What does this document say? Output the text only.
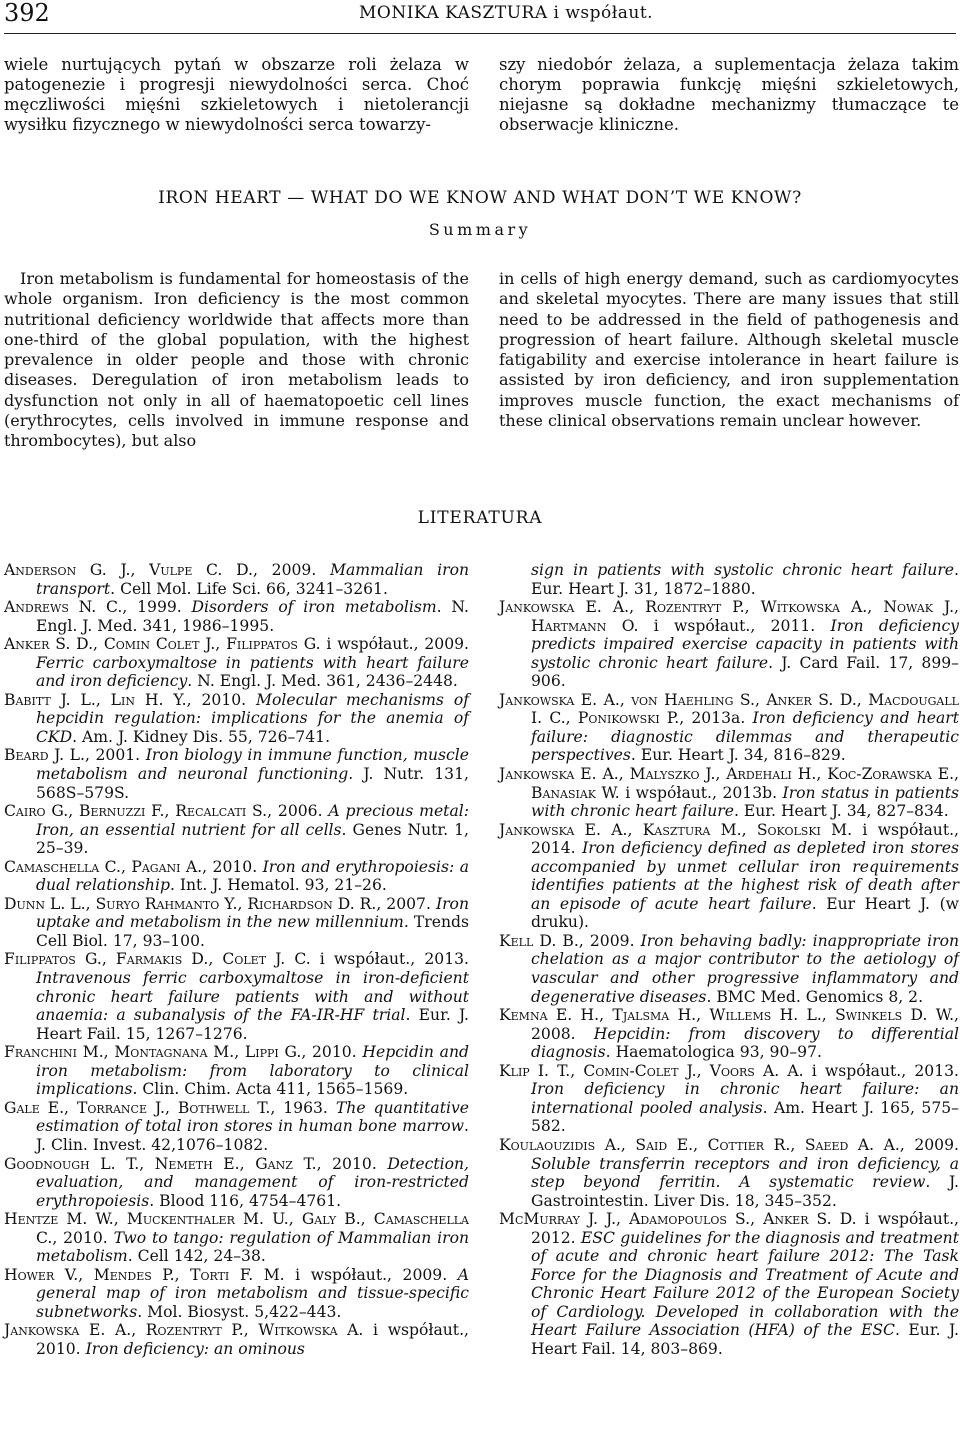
392	MONIKA KASZTURA i współaut.

wiele nurtujących pytań w obszarze roli żelaza w patogenezie i progresji niewydolności serca. Choć męczliwości mięśni szkieletowych i nietolerancji wysiłku fizycznego w niewydolności serca towarzy-

szy niedobór żelaza, a suplementacja żelaza takim chorym poprawia funkcję mięśni szkieletowych, niejasne są dokładne mechanizmy tłumaczące te obserwacje kliniczne.

IRON HEART — WHAT DO WE KNOW AND WHAT DON’T WE KNOW?
Summary

Iron metabolism is fundamental for homeostasis of the whole organism. Iron deficiency is the most common nutritional deficiency worldwide that affects more than one-third of the global population, with the highest prevalence in older people and those with chronic diseases. Deregulation of iron metabolism leads to dysfunction not only in all of haematopoetic cell lines (erythrocytes, cells involved in immune response and thrombocytes), but also

in cells of high energy demand, such as cardiomyocytes and skeletal myocytes. There are many issues that still need to be addressed in the field of pathogenesis and progression of heart failure. Although skeletal muscle fatigability and exercise intolerance in heart failure is assisted by iron deficiency, and iron supplementation improves muscle function, the exact mechanisms of these clinical observations remain unclear however.

LITERATURA

Anderson G. J., Vulpe C. D., 2009. Mammalian iron transport. Cell Mol. Life Sci. 66, 3241–3261.

Andrews N. C., 1999. Disorders of iron metabolism. N. Engl. J. Med. 341, 1986–1995.

Anker S. D., Comin Colet J., Filippatos G. i współaut., 2009. Ferric carboxymaltose in patients with heart failure and iron deficiency. N. Engl. J. Med. 361, 2436–2448.

Babitt J. L., Lin H. Y., 2010. Molecular mechanisms of hepcidin regulation: implications for the anemia of CKD. Am. J. Kidney Dis. 55, 726–741.

Beard J. L., 2001. Iron biology in immune function, muscle metabolism and neuronal functioning. J. Nutr. 131, 568S–579S.

Cairo G., Bernuzzi F., Recalcati S., 2006. A precious metal: Iron, an essential nutrient for all cells. Genes Nutr. 1, 25–39.

Camaschella C., Pagani A., 2010. Iron and erythropoiesis: a dual relationship. Int. J. Hematol. 93, 21–26.

Dunn L. L., Suryo Rahmanto Y., Richardson D. R., 2007. Iron uptake and metabolism in the new millennium. Trends Cell Biol. 17, 93–100.

Filippatos G., Farmakis D., Colet J. C. i współaut., 2013. Intravenous ferric carboxymaltose in iron-deficient chronic heart failure patients with and without anaemia: a subanalysis of the FA-IR-HF trial. Eur. J. Heart Fail. 15, 1267–1276.

Franchini M., Montagnana M., Lippi G., 2010. Hepcidin and iron metabolism: from laboratory to clinical implications. Clin. Chim. Acta 411, 1565–1569.

Gale E., Torrance J., Bothwell T., 1963. The quantitative estimation of total iron stores in human bone marrow. J. Clin. Invest. 42,1076–1082.

Goodnough L. T., Nemeth E., Ganz T., 2010. Detection, evaluation, and management of iron-restricted erythropoiesis. Blood 116, 4754–4761.

Hentze M. W., Muckenthaler M. U., Galy B., Camaschella C., 2010. Two to tango: regulation of Mammalian iron metabolism. Cell 142, 24–38.

Hower V., Mendes P., Torti F. M. i współaut., 2009. A general map of iron metabolism and tissue-specific subnetworks. Mol. Biosyst. 5,422–443.

Jankowska E. A., Rozentryt P., Witkowska A. i współaut., 2010. Iron deficiency: an ominous

sign in patients with systolic chronic heart failure. Eur. Heart J. 31, 1872–1880.

Jankowska E. A., Rozentryt P., Witkowska A., Nowak J., Hartmann O. i współaut., 2011. Iron deficiency predicts impaired exercise capacity in patients with systolic chronic heart failure. J. Card Fail. 17, 899–906.

Jankowska E. A., von Haehling S., Anker S. D., Macdougall I. C., Ponikowski P., 2013a. Iron deficiency and heart failure: diagnostic dilemmas and therapeutic perspectives. Eur. Heart J. 34, 816–829.

Jankowska E. A., Malyszko J., Ardehali H., Koc-Zorawska E., Banasiak W. i współaut., 2013b. Iron status in patients with chronic heart failure. Eur. Heart J. 34, 827–834.

Jankowska E. A., Kasztura M., Sokolski M. i współaut., 2014. Iron deficiency defined as depleted iron stores accompanied by unmet cellular iron requirements identifies patients at the highest risk of death after an episode of acute heart failure. Eur Heart J. (w druku).

Kell D. B., 2009. Iron behaving badly: inappropriate iron chelation as a major contributor to the aetiology of vascular and other progressive inflammatory and degenerative diseases. BMC Med. Genomics 8, 2.

Kemna E. H., Tjalsma H., Willems H. L., Swinkels D. W., 2008. Hepcidin: from discovery to differential diagnosis. Haematologica 93, 90–97.

Klip I. T., Comin-Colet J., Voors A. A. i współaut., 2013. Iron deficiency in chronic heart failure: an international pooled analysis. Am. Heart J. 165, 575–582.

Koulaouzidis A., Said E., Cottier R., Saeed A. A., 2009. Soluble transferrin receptors and iron deficiency, a step beyond ferritin. A systematic review. J. Gastrointestin. Liver Dis. 18, 345–352.

McMurray J. J., Adamopoulos S., Anker S. D. i współaut., 2012. ESC guidelines for the diagnosis and treatment of acute and chronic heart failure 2012: The Task Force for the Diagnosis and Treatment of Acute and Chronic Heart Failure 2012 of the European Society of Cardiology. Developed in collaboration with the Heart Failure Association (HFA) of the ESC. Eur. J. Heart Fail. 14, 803–869.
